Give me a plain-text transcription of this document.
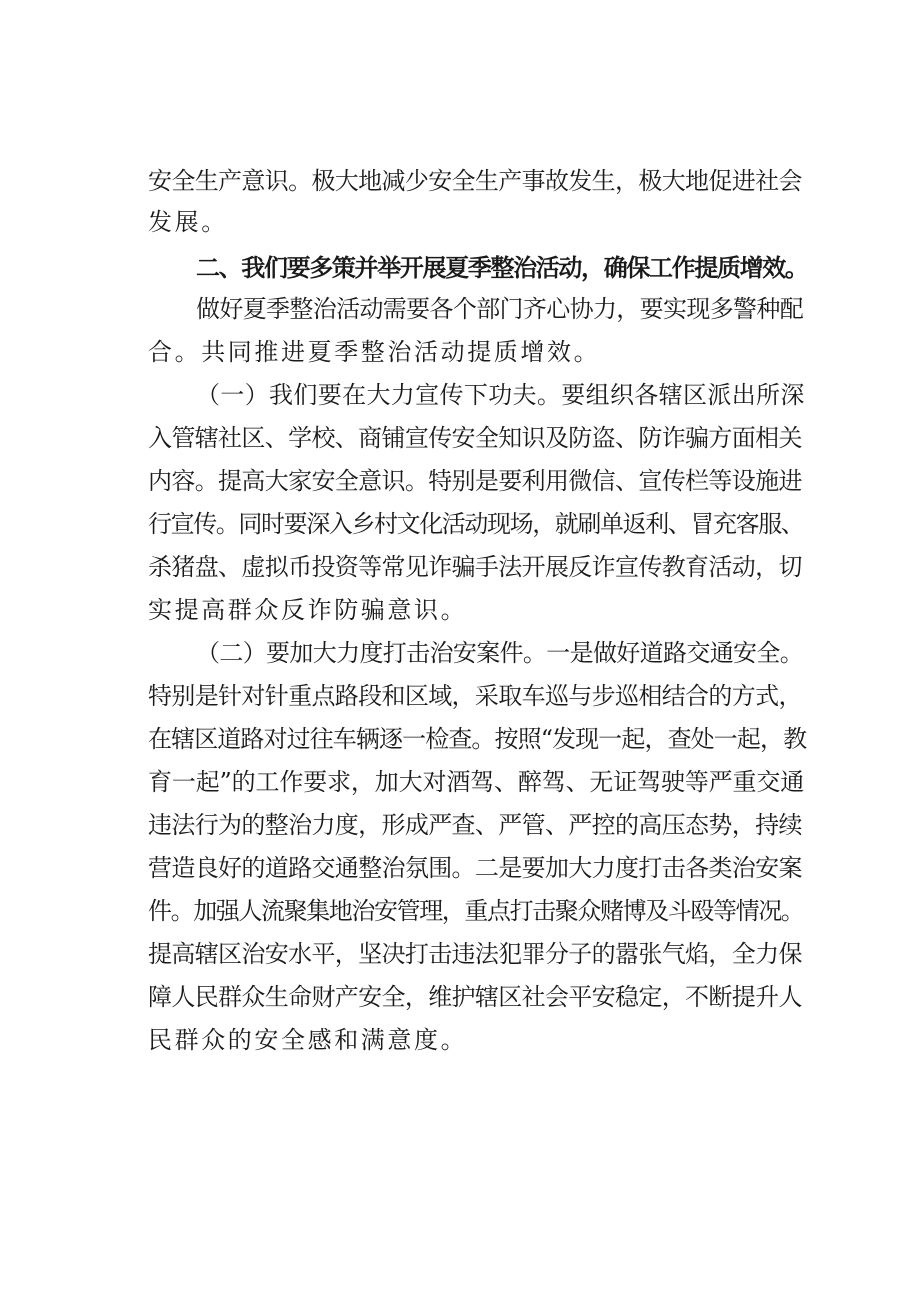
安全生产意识。极大地减少安全生产事故发生，极大地促进社会
发展。
二、我们要多策并举开展夏季整治活动，确保工作提质增效。
做好夏季整治活动需要各个部门齐心协力，要实现多警种配
合。共同推进夏季整治活动提质增效。
（一）我们要在大力宣传下功夫。要组织各辖区派出所深
入管辖社区、学校、商铺宣传安全知识及防盗、防诈骗方面相关
内容。提高大家安全意识。特别是要利用微信、宣传栏等设施进
行宣传。同时要深入乡村文化活动现场，就刷单返利、冒充客服、
杀猪盘、虚拟币投资等常见诈骗手法开展反诈宣传教育活动，切
实提高群众反诈防骗意识。
（二）要加大力度打击治安案件。一是做好道路交通安全。
特别是针对针重点路段和区域，采取车巡与步巡相结合的方式，
在辖区道路对过往车辆逐一检查。按照“发现一起，查处一起，教
育一起”的工作要求，加大对酒驾、醉驾、无证驾驶等严重交通
违法行为的整治力度，形成严查、严管、严控的高压态势，持续
营造良好的道路交通整治氛围。二是要加大力度打击各类治安案
件。加强人流聚集地治安管理，重点打击聚众赌博及斗殴等情况。
提高辖区治安水平，坚决打击违法犯罪分子的嚣张气焰，全力保
障人民群众生命财产安全，维护辖区社会平安稳定，不断提升人
民群众的安全感和满意度。
